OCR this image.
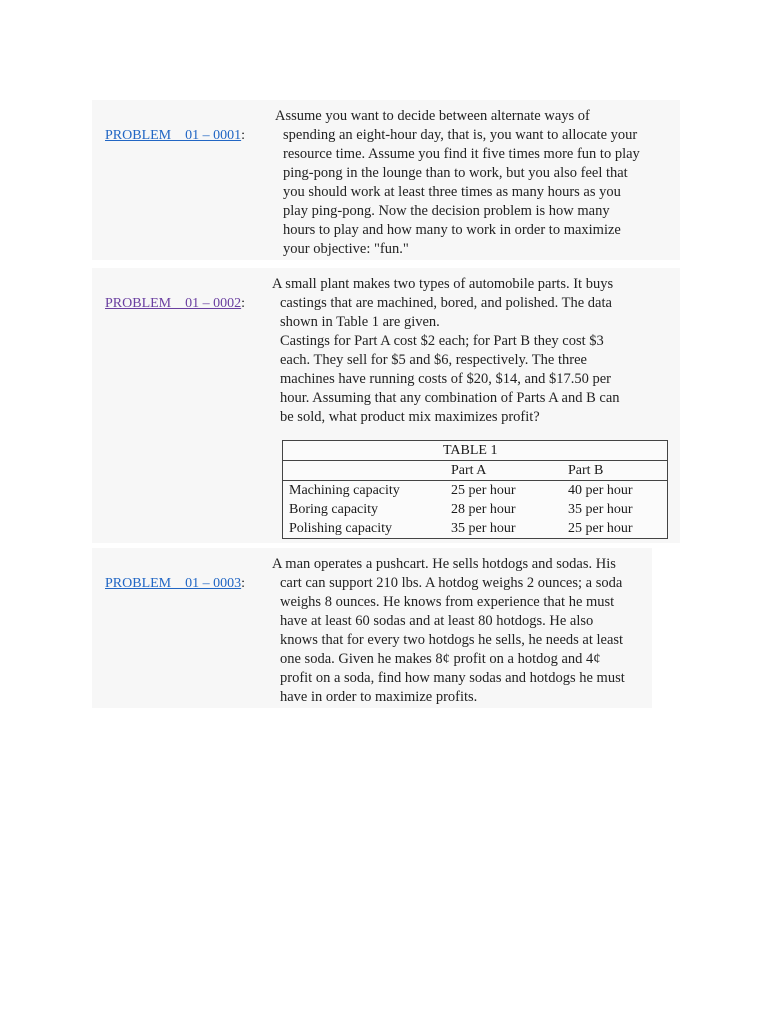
PROBLEM    01 – 0001:

Assume you want to decide between alternate ways of
spending an eight-hour day, that is, you want to allocate your
resource time. Assume you find it five times more fun to play
ping-pong in the lounge than to work, but you also feel that
you should work at least three times as many hours as you
play ping-pong. Now the decision problem is how many
hours to play and how many to work in order to maximize
your objective: "fun."

PROBLEM    01 – 0002:

A small plant makes two types of automobile parts. It buys
castings that are machined, bored, and polished. The data
shown in Table 1 are given.
Castings for Part A cost $2 each; for Part B they cost $3
each. They sell for $5 and $6, respectively. The three
machines have running costs of $20, $14, and $17.50 per
hour. Assuming that any combination of Parts A and B can
be sold, what product mix maximizes profit?
TABLE 1		
	Part A	Part B
Machining capacity	25 per hour	40 per hour
Boring capacity	28 per hour	35 per hour
Polishing capacity	35 per hour	25 per hour

PROBLEM    01 – 0003:

A man operates a pushcart. He sells hotdogs and sodas. His
cart can support 210 lbs. A hotdog weighs 2 ounces; a soda
weighs 8 ounces. He knows from experience that he must
have at least 60 sodas and at least 80 hotdogs. He also
knows that for every two hotdogs he sells, he needs at least
one soda. Given he makes 8¢ profit on a hotdog and 4¢
profit on a soda, find how many sodas and hotdogs he must
have in order to maximize profits.
